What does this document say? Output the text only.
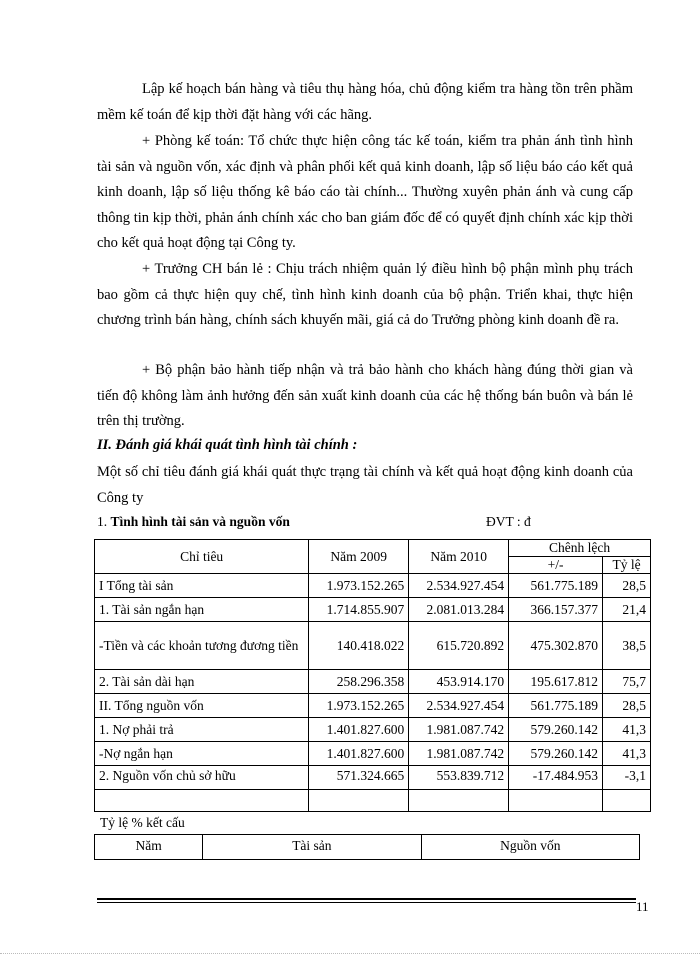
Lập kế hoạch bán hàng và tiêu thụ hàng hóa, chủ động kiểm tra hàng tồn trên phầm mềm kế toán để kịp thời đặt hàng với các hãng.

+ Phòng kế toán: Tổ chức thực hiện công tác kế toán, kiểm tra phản ánh tình hình tài sản và nguồn vốn, xác định và phân phối kết quả kinh doanh, lập số liệu báo cáo kết quả kinh doanh, lập số liệu thống kê báo cáo tài chính... Thường xuyên phản ánh và cung cấp thông tin kịp thời, phản ánh chính xác cho ban giám đốc để có quyết định chính xác kịp thời cho kết quả hoạt động tại Công ty.

+ Trưởng CH bán lẻ : Chịu trách nhiệm quản lý điều hình bộ phận mình phụ trách bao gồm cả thực hiện quy chế, tình hình kinh doanh của bộ phận. Triển khai, thực hiện chương trình bán hàng, chính sách khuyến mãi, giá cả do Trưởng phòng kinh doanh đề ra.

+ Bộ phận bảo hành tiếp nhận và trả bảo hành cho khách hàng đúng thời gian và tiến độ không làm ảnh hưởng đến sản xuất kinh doanh của các hệ thống bán buôn và bán lẻ trên thị trường.

II. Đánh giá khái quát tình hình tài chính :

Một số chỉ tiêu đánh giá khái quát thực trạng tài chính và kết quả hoạt động kinh doanh của Công ty

1. Tình hình tài sản và nguồn vốn	ĐVT : đ

Chỉ tiêu	Năm 2009	Năm 2010	Chênh lệch	
			+/-	Tỷ lệ
I Tổng tài sản	1.973.152.265	2.534.927.454	561.775.189	28,5
1. Tài sản ngắn hạn	1.714.855.907	2.081.013.284	366.157.377	21,4
-Tiền và các khoản tương đương tiền	140.418.022	615.720.892	475.302.870	38,5
2. Tài sản dài hạn	258.296.358	453.914.170	195.617.812	75,7
II. Tổng nguồn vốn	1.973.152.265	2.534.927.454	561.775.189	28,5
1. Nợ phải trả	1.401.827.600	1.981.087.742	579.260.142	41,3
-Nợ ngắn hạn	1.401.827.600	1.981.087.742	579.260.142	41,3
2. Nguồn vốn chủ sở hữu	571.324.665	553.839.712	-17.484.953	-3,1

Tỷ lệ % kết cấu

Năm	Tài sản	Nguồn vốn

11
